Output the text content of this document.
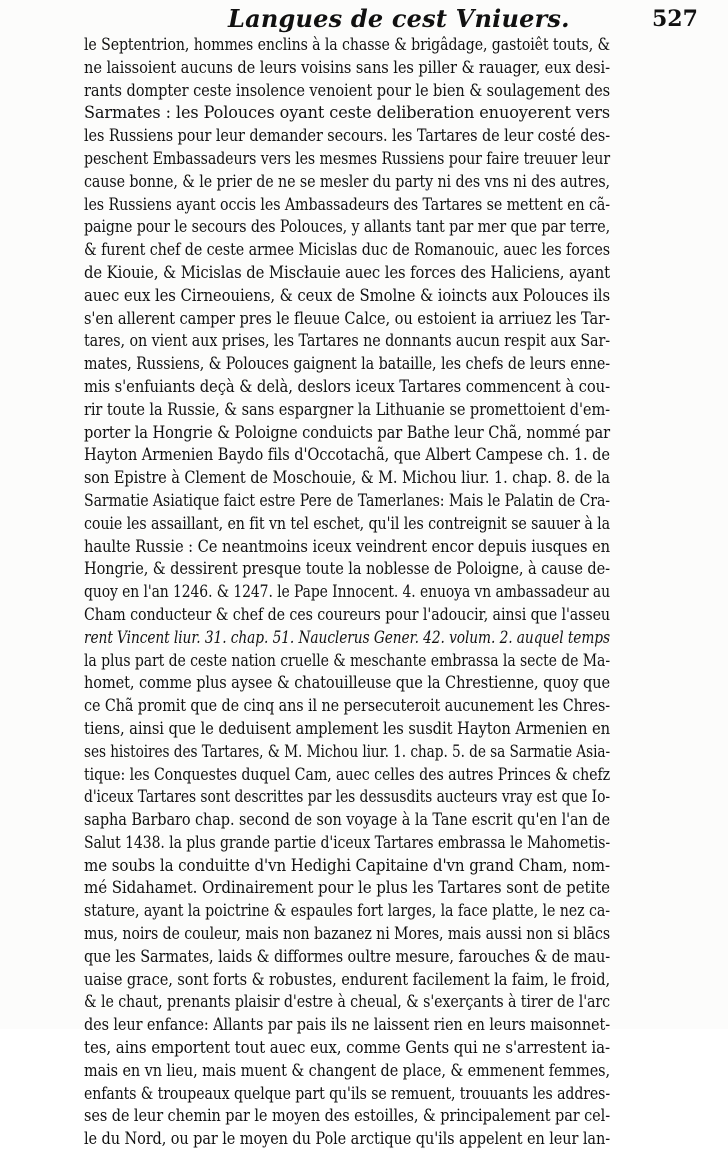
Langues de cest Vniuers.	527
le Septentrion, hommes enclins à la chasse & brigâdage, gastoiêt touts, &
ne laissoient aucuns de leurs voisins sans les piller & rauager, eux desi-
rants dompter ceste insolence venoient pour le bien & soulagement des
Sarmates : les Polouces oyant ceste deliberation enuoyerent vers
les Russiens pour leur demander secours. les Tartares de leur costé des-
peschent Embassadeurs vers les mesmes Russiens pour faire treuuer leur
cause bonne, & le prier de ne se mesler du party ni des vns ni des autres,
les Russiens ayant occis les Ambassadeurs des Tartares se mettent en cã-
paigne pour le secours des Polouces, y allants tant par mer que par terre,
& furent chef de ceste armee Micislas duc de Romanouic, auec les forces
de Kiouie, & Micislas de Miscłauie auec les forces des Haliciens, ayant
auec eux les Cirneouiens, & ceux de Smolne & ioincts aux Polouces ils
s'en allerent camper pres le fleuue Calce, ou estoient ia arriuez les Tar-
tares, on vient aux prises, les Tartares ne donnants aucun respit aux Sar-
mates, Russiens, & Polouces gaignent la bataille, les chefs de leurs enne-
mis s'enfuiants deçà & delà, deslors iceux Tartares commencent à cou-
rir toute la Russie, & sans espargner la Lithuanie se promettoient d'em-
porter la Hongrie & Poloigne conduicts par Bathe leur Chã, nommé par
Hayton Armenien Baydo fils d'Occotachã, que Albert Campese ch. 1. de
son Epistre à Clement de Moschouie, & M. Michou liur. 1. chap. 8. de la
Sarmatie Asiatique faict estre Pere de Tamerlanes: Mais le Palatin de Cra-
couie les assaillant, en fit vn tel eschet, qu'il les contreignit se sauuer à la
haulte Russie : Ce neantmoins iceux veindrent encor depuis iusques en
Hongrie, & dessirent presque toute la noblesse de Poloigne, à cause de-
quoy en l'an 1246. & 1247. le Pape Innocent. 4. enuoya vn ambassadeur au
Cham conducteur & chef de ces coureurs pour l'adoucir, ainsi que l'asseu
rent Vincent liur. 31. chap. 51. Nauclerus Gener. 42. volum. 2. auquel temps
la plus part de ceste nation cruelle & meschante embrassa la secte de Ma-
homet, comme plus aysee & chatouilleuse que la Chrestienne, quoy que
ce Chã promit que de cinq ans il ne persecuteroit aucunement les Chres-
tiens, ainsi que le deduisent amplement les susdit Hayton Armenien en
ses histoires des Tartares, & M. Michou liur. 1. chap. 5. de sa Sarmatie Asia-
tique: les Conquestes duquel Cam, auec celles des autres Princes & chefz
d'iceux Tartares sont descrittes par les dessusdits aucteurs vray est que Io-
sapha Barbaro chap. second de son voyage à la Tane escrit qu'en l'an de
Salut 1438. la plus grande partie d'iceux Tartares embrassa le Mahometis-
me soubs la conduitte d'vn Hedighi Capitaine d'vn grand Cham, nom-
mé Sidahamet. Ordinairement pour le plus les Tartares sont de petite
stature, ayant la poictrine & espaules fort larges, la face platte, le nez ca-
mus, noirs de couleur, mais non bazanez ni Mores, mais aussi non si blācs
que les Sarmates, laids & difformes oultre mesure, farouches & de mau-
uaise grace, sont forts & robustes, endurent facilement la faim, le froid,
& le chaut, prenants plaisir d'estre à cheual, & s'exerçants à tirer de l'arc
des leur enfance: Allants par pais ils ne laissent rien en leurs maisonnet-
tes, ains emportent tout auec eux, comme Gents qui ne s'arrestent ia-
mais en vn lieu, mais muent & changent de place, & emmenent femmes,
enfants & troupeaux quelque part qu'ils se remuent, trouuants les addres-
ses de leur chemin par le moyen des estoilles, & principalement par cel-
le du Nord, ou par le moyen du Pole arctique qu'ils appelent en leur lan-
